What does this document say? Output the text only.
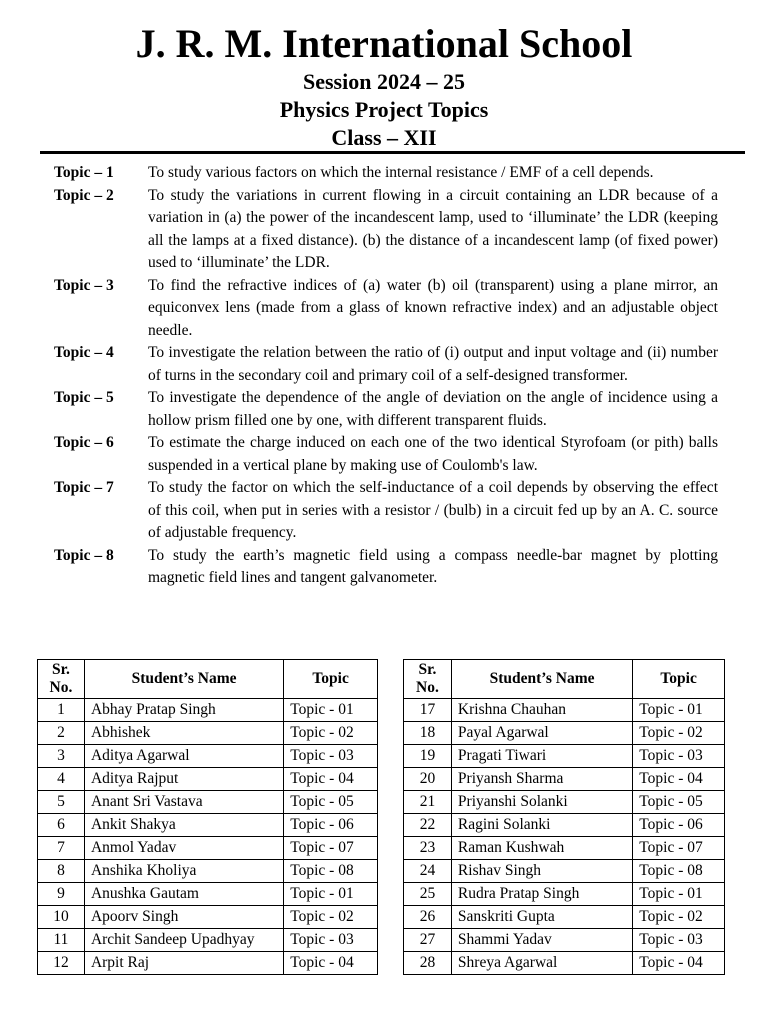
J. R. M. International School
Session 2024 – 25
Physics Project Topics
Class – XII
Topic – 1	To study various factors on which the internal resistance / EMF of a cell depends.
Topic – 2	To study the variations in current flowing in a circuit containing an LDR because of a variation in (a) the power of the incandescent lamp, used to ‘illuminate’ the LDR (keeping all the lamps at a fixed distance). (b) the distance of a incandescent lamp (of fixed power) used to ‘illuminate’ the LDR.
Topic – 3	To find the refractive indices of (a) water (b) oil (transparent) using a plane mirror, an equiconvex lens (made from a glass of known refractive index) and an adjustable object needle.
Topic – 4	To investigate the relation between the ratio of (i) output and input voltage and (ii) number of turns in the secondary coil and primary coil of a self-designed transformer.
Topic – 5	To investigate the dependence of the angle of deviation on the angle of incidence using a hollow prism filled one by one, with different transparent fluids.
Topic – 6	To estimate the charge induced on each one of the two identical Styrofoam (or pith) balls suspended in a vertical plane by making use of Coulomb's law.
Topic – 7	To study the factor on which the self-inductance of a coil depends by observing the effect of this coil, when put in series with a resistor / (bulb) in a circuit fed up by an A. C. source of adjustable frequency.
Topic – 8	To study the earth’s magnetic field using a compass needle-bar magnet by plotting magnetic field lines and tangent galvanometer.
Sr.
No.	Student’s Name	Topic
1	Abhay Pratap Singh	Topic - 01
2	Abhishek	Topic - 02
3	Aditya Agarwal	Topic - 03
4	Aditya Rajput	Topic - 04
5	Anant Sri Vastava	Topic - 05
6	Ankit Shakya	Topic - 06
7	Anmol Yadav	Topic - 07
8	Anshika Kholiya	Topic - 08
9	Anushka Gautam	Topic - 01
10	Apoorv Singh	Topic - 02
11	Archit Sandeep Upadhyay	Topic - 03
12	Arpit Raj	Topic - 04
Sr.
No.	Student’s Name	Topic
17	Krishna Chauhan	Topic - 01
18	Payal Agarwal	Topic - 02
19	Pragati Tiwari	Topic - 03
20	Priyansh Sharma	Topic - 04
21	Priyanshi Solanki	Topic - 05
22	Ragini Solanki	Topic - 06
23	Raman Kushwah	Topic - 07
24	Rishav Singh	Topic - 08
25	Rudra Pratap Singh	Topic - 01
26	Sanskriti Gupta	Topic - 02
27	Shammi Yadav	Topic - 03
28	Shreya Agarwal	Topic - 04
